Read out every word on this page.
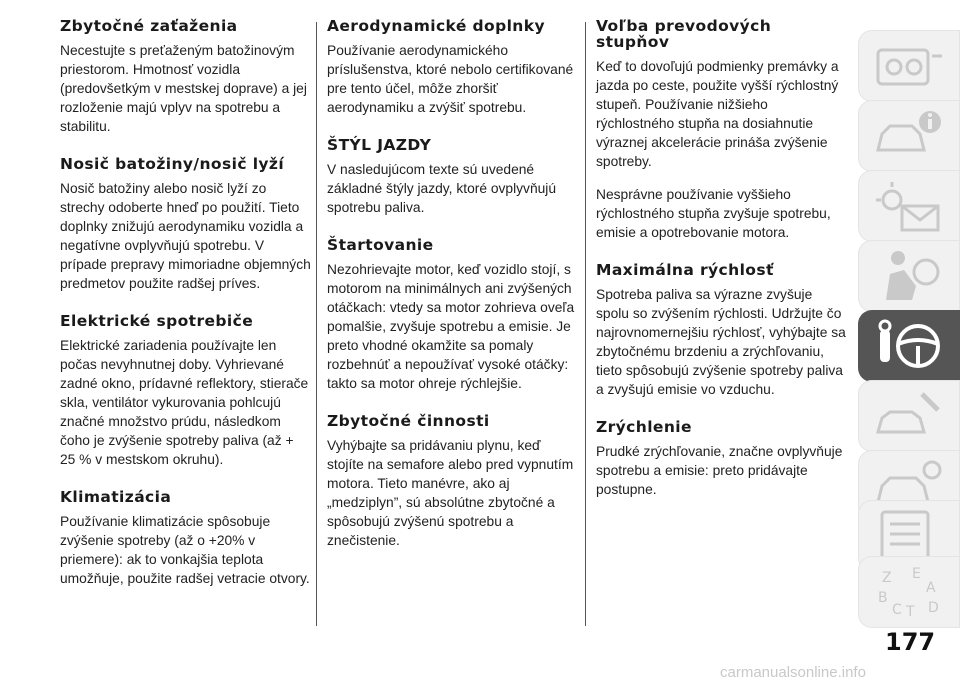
Zbytočné zaťaženia

Necestujte s preťaženým batožinovým priestorom. Hmotnosť vozidla (predovšetkým v mestskej doprave) a jej rozloženie majú vplyv na spotrebu a stabilitu.

Nosič batožiny/nosič lyží

Nosič batožiny alebo nosič lyží zo strechy odoberte hneď po použití. Tieto doplnky znižujú aerodynamiku vozidla a negatívne ovplyvňujú spotrebu. V prípade prepravy mimoriadne objemných predmetov použite radšej príves.

Elektrické spotrebiče

Elektrické zariadenia používajte len počas nevyhnutnej doby. Vyhrievané zadné okno, prídavné reflektory, stierače skla, ventilátor vykurovania pohlcujú značné množstvo prúdu, následkom čoho je zvýšenie spotreby paliva (až + 25 % v mestskom okruhu).

Klimatizácia

Používanie klimatizácie spôsobuje zvýšenie spotreby (až o +20% v priemere): ak to vonkajšia teplota umožňuje, použite radšej vetracie otvory.

Aerodynamické doplnky

Používanie aerodynamického príslušenstva, ktoré nebolo certifikované pre tento účel, môže zhoršiť aerodynamiku a zvýšiť spotrebu.

ŠTÝL JAZDY

V nasledujúcom texte sú uvedené základné štýly jazdy, ktoré ovplyvňujú spotrebu paliva.

Štartovanie

Nezohrievajte motor, keď vozidlo stojí, s motorom na minimálnych ani zvýšených otáčkach: vtedy sa motor zohrieva oveľa pomalšie, zvyšuje spotrebu a emisie. Je preto vhodné okamžite sa pomaly rozbehnúť a nepoužívať vysoké otáčky: takto sa motor ohreje rýchlejšie.

Zbytočné činnosti

Vyhýbajte sa pridávaniu plynu, keď stojíte na semafore alebo pred vypnutím motora. Tieto manévre, ako aj „medziplyn”, sú absolútne zbytočné a spôsobujú zvýšenú spotrebu a znečistenie.

Voľba prevodových stupňov

Keď to dovoľujú podmienky premávky a jazda po ceste, použite vyšší rýchlostný stupeň. Používanie nižšieho rýchlostného stupňa na dosiahnutie výraznej akcelerácie prináša zvýšenie spotreby.

Nesprávne používanie vyššieho rýchlostného stupňa zvyšuje spotrebu, emisie a opotrebovanie motora.

Maximálna rýchlosť

Spotreba paliva sa výrazne zvyšuje spolu so zvýšením rýchlosti. Udržujte čo najrovnomernejšiu rýchlosť, vyhýbajte sa zbytočnému brzdeniu a zrýchľovaniu, tieto spôsobujú zvýšenie spotreby paliva a zvyšujú emisie vo vzduchu.

Zrýchlenie

Prudké zrýchľovanie, značne ovplyvňuje spotrebu a emisie: preto pridávajte postupne.

Z E
A
B
C T D
177
carmanualsonline.info
